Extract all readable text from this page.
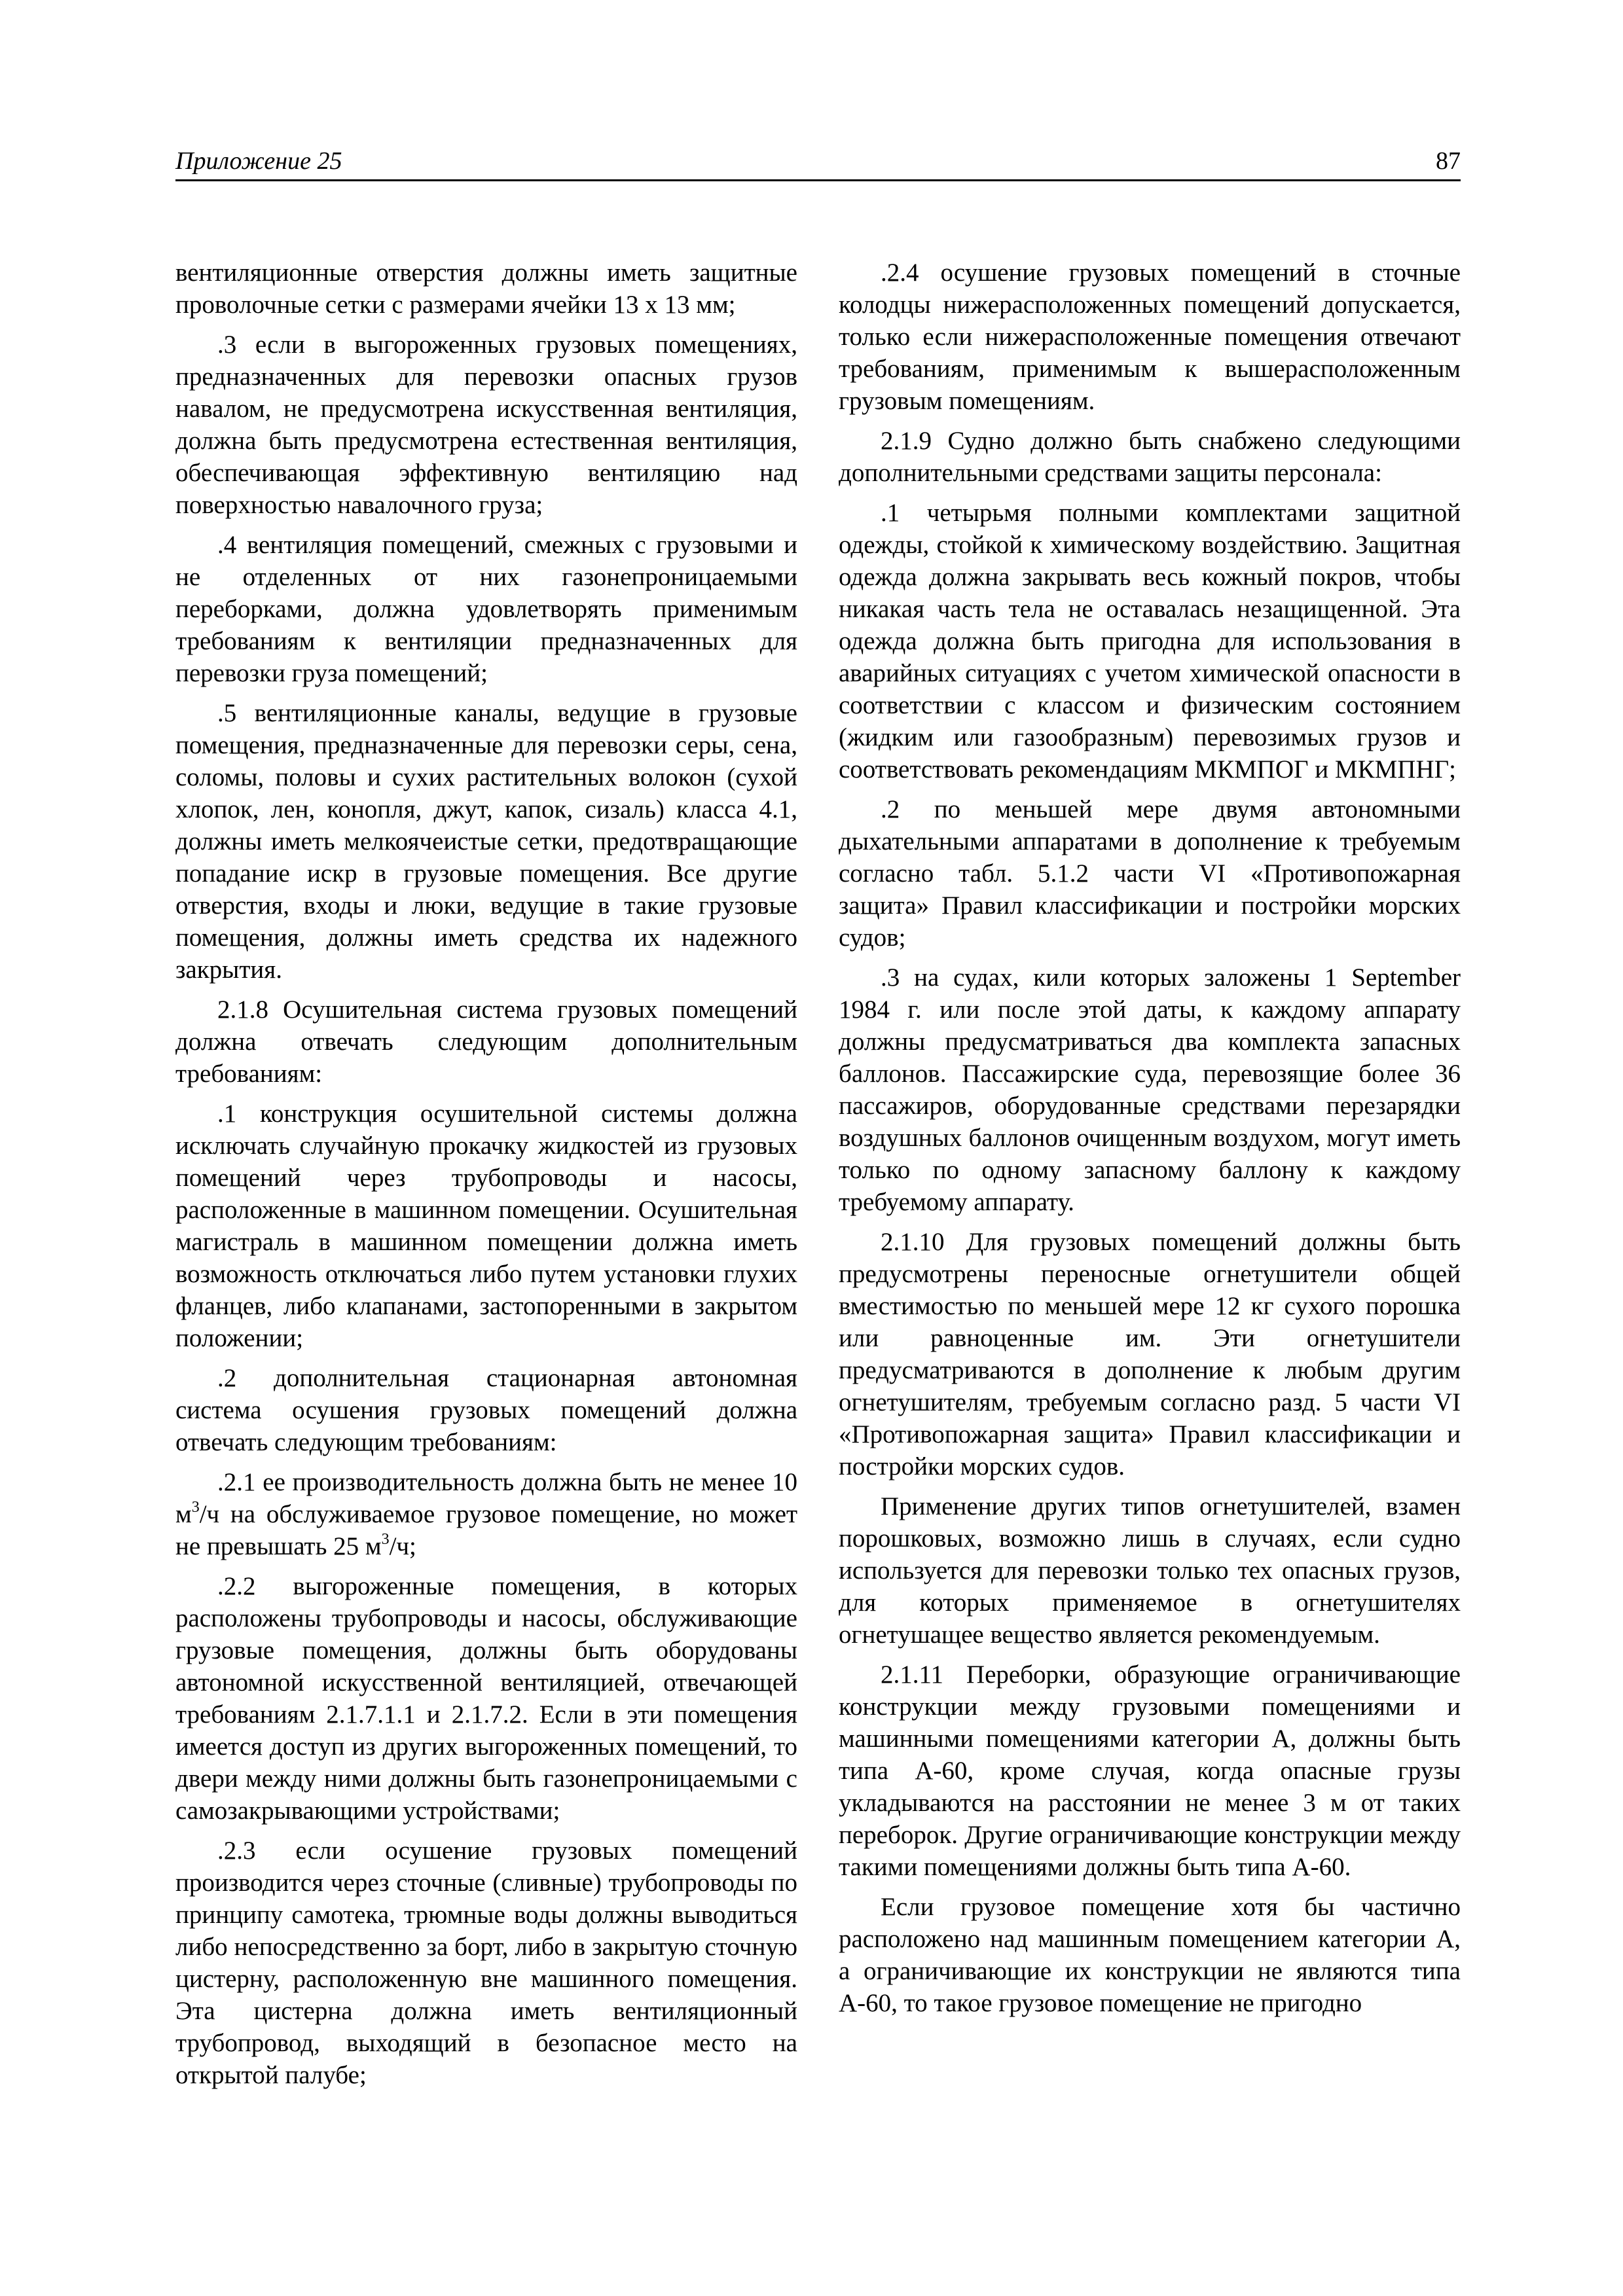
Приложение 25	87

вентиляционные отверстия должны иметь защитные проволочные сетки с размерами ячейки 13 x 13 мм;

.3 если в выгороженных грузовых помещениях, предназначенных для перевозки опасных грузов навалом, не предусмотрена искусственная вентиляция, должна быть предусмотрена естественная вентиляция, обеспечивающая эффективную вентиляцию над поверхностью навалочного груза;

.4 вентиляция помещений, смежных с грузовыми и не отделенных от них газонепроницаемыми переборками, должна удовлетворять применимым требованиям к вентиляции предназначенных для перевозки груза помещений;

.5 вентиляционные каналы, ведущие в грузовые помещения, предназначенные для перевозки серы, сена, соломы, половы и сухих растительных волокон (сухой хлопок, лен, конопля, джут, капок, сизаль) класса 4.1, должны иметь мелкоячеистые сетки, предотвращающие попадание искр в грузовые помещения. Все другие отверстия, входы и люки, ведущие в такие грузовые помещения, должны иметь средства их надежного закрытия.

2.1.8 Осушительная система грузовых помещений должна отвечать следующим дополнительным требованиям:

.1 конструкция осушительной системы должна исключать случайную прокачку жидкостей из грузовых помещений через трубопроводы и насосы, расположенные в машинном помещении. Осушительная магистраль в машинном помещении должна иметь возможность отключаться либо путем установки глухих фланцев, либо клапанами, застопоренными в закрытом положении;

.2 дополнительная стационарная автономная система осушения грузовых помещений должна отвечать следующим требованиям:

.2.1 ее производительность должна быть не менее 10 $м^3/ч$ на обслуживаемое грузовое помещение, но может не превышать 25 $м^3/ч$;

.2.2 выгороженные помещения, в которых расположены трубопроводы и насосы, обслуживающие грузовые помещения, должны быть оборудованы автономной искусственной вентиляцией, отвечающей требованиям 2.1.7.1.1 и 2.1.7.2. Если в эти помещения имеется доступ из других выгороженных помещений, то двери между ними должны быть газонепроницаемыми с самозакрывающими устройствами;

.2.3 если осушение грузовых помещений производится через сточные (сливные) трубопроводы по принципу самотека, трюмные воды должны выводиться либо непосредственно за борт, либо в закрытую сточную цистерну, расположенную вне машинного помещения. Эта цистерна должна иметь вентиляционный трубопровод, выходящий в безопасное место на открытой палубе;

.2.4 осушение грузовых помещений в сточные колодцы нижерасположенных помещений допускается, только если нижерасположенные помещения отвечают требованиям, применимым к вышерасположенным грузовым помещениям.

2.1.9 Судно должно быть снабжено следующими дополнительными средствами защиты персонала:

.1 четырьмя полными комплектами защитной одежды, стойкой к химическому воздействию. Защитная одежда должна закрывать весь кожный покров, чтобы никакая часть тела не оставалась незащищенной. Эта одежда должна быть пригодна для использования в аварийных ситуациях с учетом химической опасности в соответствии с классом и физическим состоянием (жидким или газообразным) перевозимых грузов и соответствовать рекомендациям МКМПОГ и МКМПНГ;

.2 по меньшей мере двумя автономными дыхательными аппаратами в дополнение к требуемым согласно табл. 5.1.2 части VI «Противопожарная защита» Правил классификации и постройки морских судов;

.3 на судах, кили которых заложены 1 September 1984 г. или после этой даты, к каждому аппарату должны предусматриваться два комплекта запасных баллонов. Пассажирские суда, перевозящие более 36 пассажиров, оборудованные средствами перезарядки воздушных баллонов очищенным воздухом, могут иметь только по одному запасному баллону к каждому требуемому аппарату.

2.1.10 Для грузовых помещений должны быть предусмотрены переносные огнетушители общей вместимостью по меньшей мере 12 кг сухого порошка или равноценные им. Эти огнетушители предусматриваются в дополнение к любым другим огнетушителям, требуемым согласно разд. 5 части VI «Противопожарная защита» Правил классификации и постройки морских судов.

Применение других типов огнетушителей, взамен порошковых, возможно лишь в случаях, если судно используется для перевозки только тех опасных грузов, для которых применяемое в огнетушителях огнетушащее вещество является рекомендуемым.

2.1.11 Переборки, образующие ограничивающие конструкции между грузовыми помещениями и машинными помещениями категории А, должны быть типа А-60, кроме случая, когда опасные грузы укладываются на расстоянии не менее 3 м от таких переборок. Другие ограничивающие конструкции между такими помещениями должны быть типа А-60.

Если грузовое помещение хотя бы частично расположено над машинным помещением категории А, а ограничивающие их конструкции не являются типа А-60, то такое грузовое помещение не пригодно
